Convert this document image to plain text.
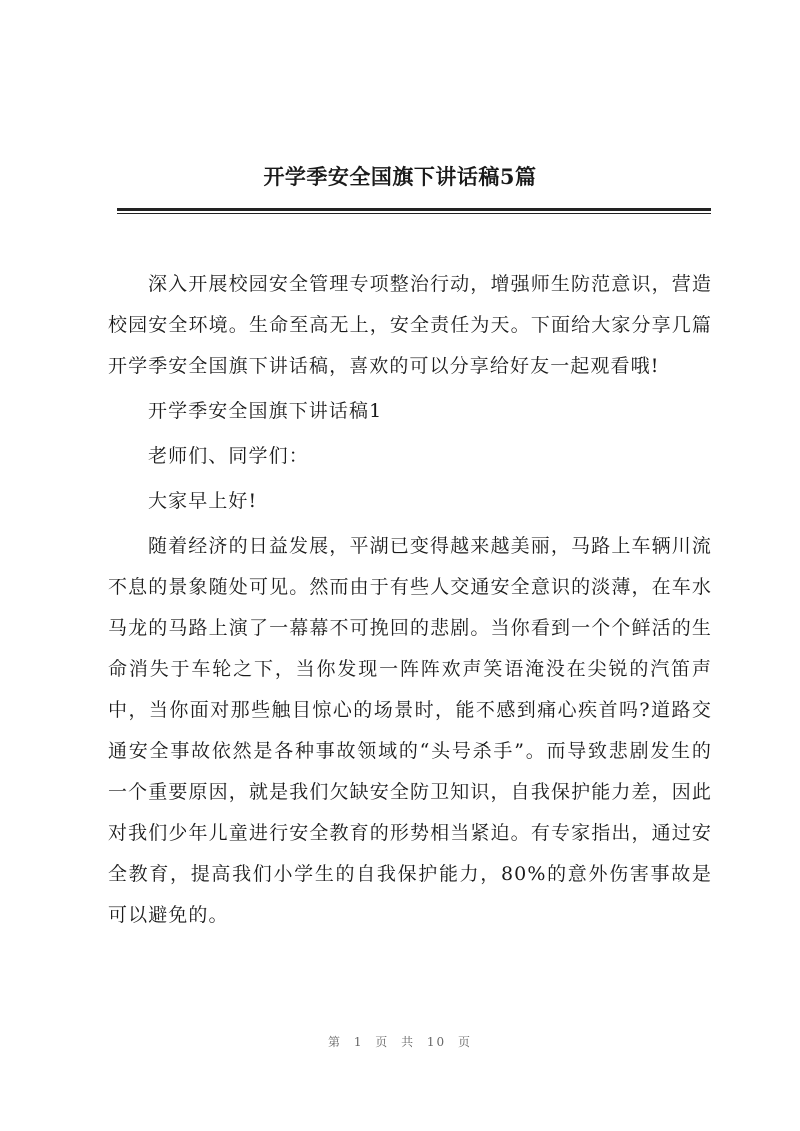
开学季安全国旗下讲话稿5篇

深入开展校园安全管理专项整治行动，增强师生防范意识，营造校园安全环境。生命至高无上，安全责任为天。下面给大家分享几篇开学季安全国旗下讲话稿，喜欢的可以分享给好友一起观看哦!

开学季安全国旗下讲话稿1

老师们、同学们：

大家早上好!

随着经济的日益发展，平湖已变得越来越美丽，马路上车辆川流不息的景象随处可见。然而由于有些人交通安全意识的淡薄，在车水马龙的马路上演了一幕幕不可挽回的悲剧。当你看到一个个鲜活的生命消失于车轮之下，当你发现一阵阵欢声笑语淹没在尖锐的汽笛声中，当你面对那些触目惊心的场景时，能不感到痛心疾首吗?道路交通安全事故依然是各种事故领域的“头号杀手”。而导致悲剧发生的一个重要原因，就是我们欠缺安全防卫知识，自我保护能力差，因此对我们少年儿童进行安全教育的形势相当紧迫。有专家指出，通过安全教育，提高我们小学生的自我保护能力，80%的意外伤害事故是可以避免的。

第 1 页 共 10 页
